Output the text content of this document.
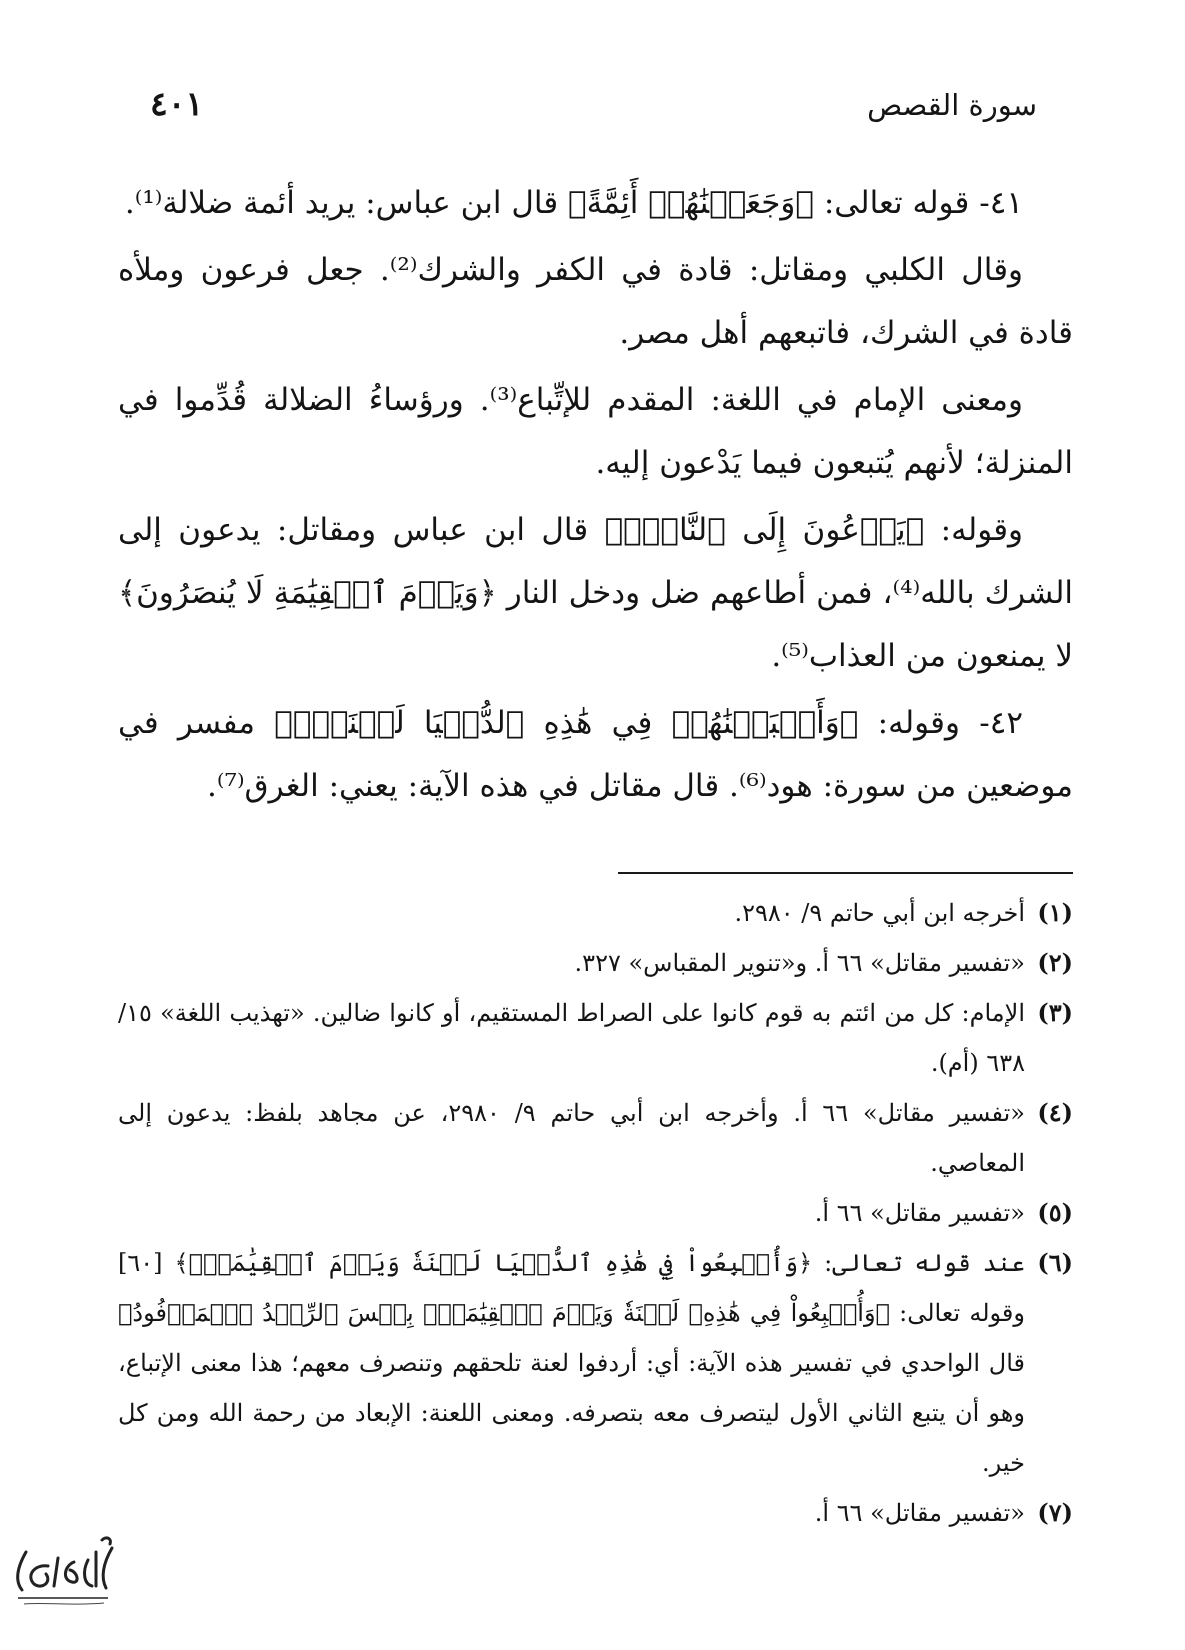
سورة القصص
٤٠١

٤١- قوله تعالى: ﴿وَجَعَلۡنَٰهُمۡ أَئِمَّةً﴾ قال ابن عباس: يريد أئمة ضلالة⁽¹⁾.

وقال الكلبي ومقاتل: قادة في الكفر والشرك⁽²⁾. جعل فرعون وملأه قادة في الشرك، فاتبعهم أهل مصر.

ومعنى الإمام في اللغة: المقدم للإتِّباع⁽³⁾. ورؤساءُ الضلالة قُدِّموا في المنزلة؛ لأنهم يُتبعون فيما يَدْعون إليه.

وقوله: ﴿يَدۡعُونَ إِلَى ٱلنَّارِۖ﴾ قال ابن عباس ومقاتل: يدعون إلى الشرك بالله⁽⁴⁾، فمن أطاعهم ضل ودخل النار ﴿وَيَوۡمَ ٱلۡقِيَٰمَةِ لَا يُنصَرُونَ﴾ لا يمنعون من العذاب⁽⁵⁾.

٤٢- وقوله: ﴿وَأَتۡبَعۡنَٰهُمۡ فِي هَٰذِهِ ٱلدُّنۡيَا لَعۡنَةٗۖ﴾ مفسر في موضعين من سورة: هود⁽⁶⁾. قال مقاتل في هذه الآية: يعني: الغرق⁽⁷⁾.

(١)
أخرجه ابن أبي حاتم ٩/ ٢٩٨٠.
(٢)
«تفسير مقاتل» ٦٦ أ. و«تنوير المقباس» ٣٢٧.
(٣)
الإمام: كل من ائتم به قوم كانوا على الصراط المستقيم، أو كانوا ضالين. «تهذيب اللغة» ١٥/ ٦٣٨ (أم).
(٤)
«تفسير مقاتل» ٦٦ أ. وأخرجه ابن أبي حاتم ٩/ ٢٩٨٠، عن مجاهد بلفظ: يدعون إلى المعاصي.
(٥)
«تفسير مقاتل» ٦٦ أ.
(٦)
عند قوله تعالى: ﴿وَأُتۡبِعُواْ فِي هَٰذِهِ ٱلدُّنۡيَا لَعۡنَةٗ وَيَوۡمَ ٱلۡقِيَٰمَةِۗ﴾ [٦٠] وقوله تعالى: ﴿وَأُتۡبِعُواْ فِي هَٰذِهِۦ لَعۡنَةٗ وَيَوۡمَ ٱلۡقِيَٰمَةِۚ بِئۡسَ ٱلرِّفۡدُ ٱلۡمَرۡفُودُ﴾ قال الواحدي في تفسير هذه الآية: أي: أردفوا لعنة تلحقهم وتنصرف معهم؛ هذا معنى الإتباع، وهو أن يتبع الثاني الأول ليتصرف معه بتصرفه. ومعنى اللعنة: الإبعاد من رحمة الله ومن كل خير.
(٧)
«تفسير مقاتل» ٦٦ أ.
